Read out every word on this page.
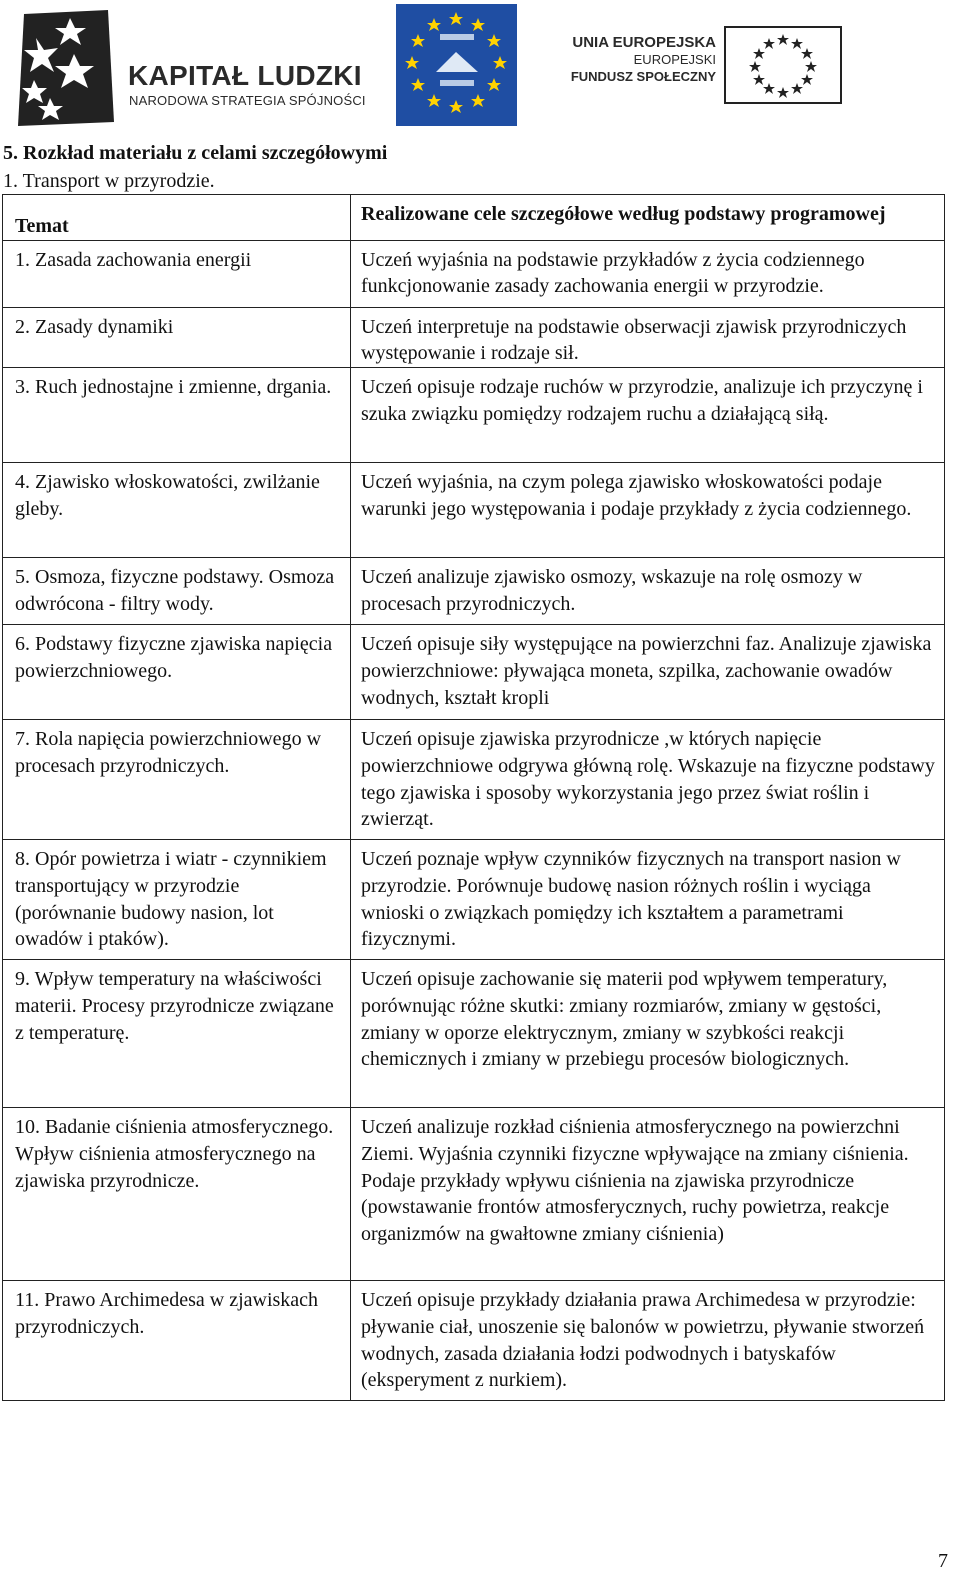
KAPITAŁ LUDZKI
NARODOWA STRATEGIA SPÓJNOŚCI
UNIA EUROPEJSKA
EUROPEJSKI
FUNDUSZ SPOŁECZNY
5. Rozkład materiału z celami szczegółowymi
1. Transport w przyrodzie.
Temat	Realizowane cele szczegółowe według podstawy programowej
1. Zasada zachowania energii	Uczeń wyjaśnia na podstawie przykładów z życia codziennego funkcjonowanie zasady zachowania energii w przyrodzie.
2. Zasady dynamiki	Uczeń interpretuje na podstawie obserwacji zjawisk przyrodniczych występowanie i rodzaje sił.
3. Ruch jednostajne i zmienne, drgania.	Uczeń opisuje rodzaje ruchów w przyrodzie, analizuje ich przyczynę i szuka związku pomiędzy rodzajem ruchu a działającą siłą.
4. Zjawisko włoskowatości, zwilżanie gleby.	Uczeń wyjaśnia, na czym polega zjawisko włoskowatości podaje warunki jego występowania i podaje przykłady z życia codziennego.
5. Osmoza, fizyczne podstawy. Osmoza odwrócona - filtry wody.	Uczeń analizuje zjawisko osmozy, wskazuje na rolę osmozy w procesach przyrodniczych.
6. Podstawy fizyczne zjawiska napięcia powierzchniowego.	Uczeń opisuje siły występujące na powierzchni faz. Analizuje zjawiska powierzchniowe: pływająca moneta, szpilka, zachowanie owadów wodnych, kształt kropli
7. Rola napięcia powierzchniowego w procesach przyrodniczych.	Uczeń opisuje zjawiska przyrodnicze ,w których napięcie powierzchniowe odgrywa główną rolę. Wskazuje na fizyczne podstawy tego zjawiska i sposoby wykorzystania jego przez świat roślin i zwierząt.
8. Opór powietrza i wiatr - czynnikiem transportujący w przyrodzie (porównanie budowy nasion, lot owadów i ptaków).	Uczeń poznaje wpływ czynników fizycznych na transport nasion w przyrodzie. Porównuje budowę nasion różnych roślin i wyciąga wnioski o związkach pomiędzy ich kształtem a parametrami fizycznymi.
9. Wpływ temperatury na właściwości materii. Procesy przyrodnicze związane z temperaturę.	Uczeń opisuje zachowanie się materii pod wpływem temperatury, porównując różne skutki: zmiany rozmiarów, zmiany w gęstości, zmiany w oporze elektrycznym, zmiany w szybkości reakcji chemicznych i zmiany w przebiegu procesów biologicznych.
10. Badanie ciśnienia atmosferycznego. Wpływ ciśnienia atmosferycznego na zjawiska przyrodnicze.	Uczeń analizuje rozkład ciśnienia atmosferycznego na powierzchni Ziemi. Wyjaśnia czynniki fizyczne wpływające na zmiany ciśnienia. Podaje przykłady wpływu ciśnienia na zjawiska przyrodnicze (powstawanie frontów atmosferycznych, ruchy powietrza, reakcje organizmów na gwałtowne zmiany ciśnienia)
11. Prawo Archimedesa w zjawiskach przyrodniczych.	Uczeń opisuje przykłady działania prawa Archimedesa w przyrodzie: pływanie ciał, unoszenie się balonów w powietrzu, pływanie stworzeń wodnych, zasada działania łodzi podwodnych i batyskafów (eksperyment z nurkiem).
7
